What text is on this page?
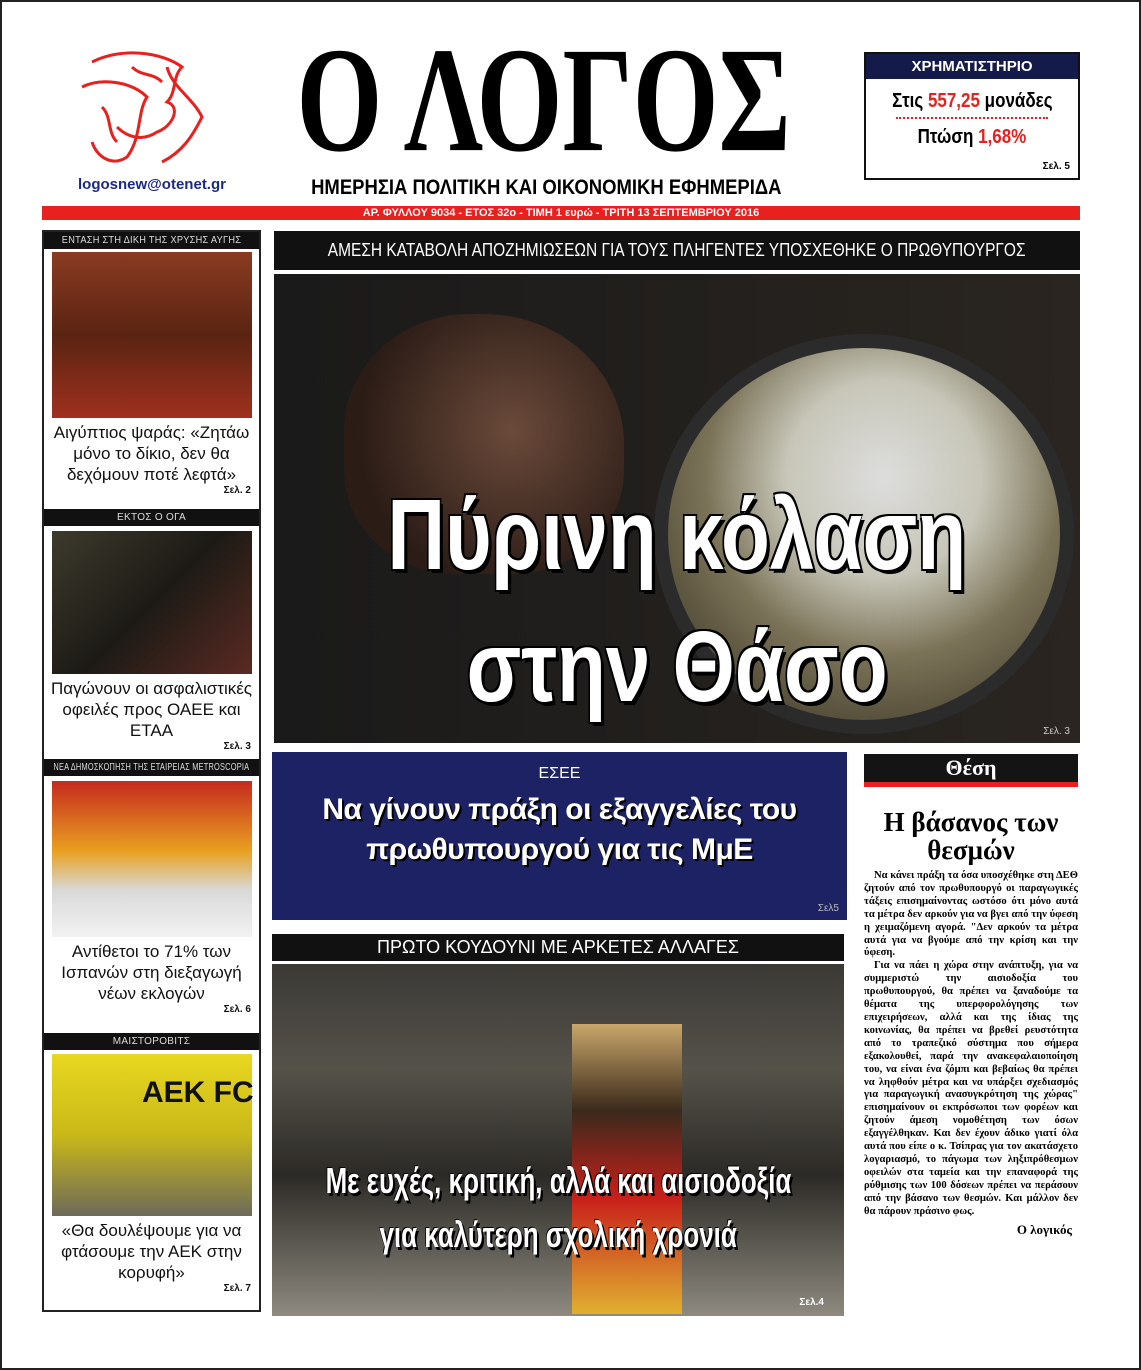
logosnew@otenet.gr
Ο ΛΟΓΟΣ
ΗΜΕΡΗΣΙΑ ΠΟΛΙΤΙΚΗ ΚΑΙ ΟΙΚΟΝΟΜΙΚΗ ΕΦΗΜΕΡΙΔΑ
ΧΡΗΜΑΤΙΣΤΗΡΙΟ
Στις 557,25 μονάδες
Πτώση 1,68%
Σελ. 5
ΑΡ. ΦΥΛΛΟΥ 9034 - ΕΤΟΣ 32ο - ΤΙΜΗ 1 ευρώ - ΤΡΙΤΗ 13 ΣΕΠΤΕΜΒΡΙΟΥ 2016
ΕΝΤΑΣΗ ΣΤΗ ΔΙΚΗ ΤΗΣ ΧΡΥΣΗΣ ΑΥΓΗΣ
Αιγύπτιος ψαράς: «Ζητάω μόνο το δίκιο, δεν θα δεχόμουν ποτέ λεφτά»
Σελ. 2
ΕΚΤΟΣ Ο ΟΓΑ
Παγώνουν οι ασφαλιστικές οφειλές προς ΟΑΕΕ και ΕΤΑΑ
Σελ. 3
ΝΕΑ ΔΗΜΟΣΚΟΠΗΣΗ ΤΗΣ ΕΤΑΙΡΕΙΑΣ METROSCOPIA
Αντίθετοι το 71% των Ισπανών στη διεξαγωγή νέων εκλογών
Σελ. 6
ΜΑΙΣΤΟΡΟΒΙΤΣ
ΑΕΚ FC
«Θα δουλέψουμε για να φτάσουμε την ΑΕΚ στην κορυφή»
Σελ. 7
ΑΜΕΣΗ ΚΑΤΑΒΟΛΗ ΑΠΟΖΗΜΙΩΣΕΩΝ ΓΙΑ ΤΟΥΣ ΠΛΗΓΕΝΤΕΣ ΥΠΟΣΧΕΘΗΚΕ Ο ΠΡΩΘΥΠΟΥΡΓΟΣ
Πύρινη κόλαση
στην Θάσο
Σελ. 3
ΕΣΕΕ
Να γίνουν πράξη οι εξαγγελίες του πρωθυπουργού για τις ΜμΕ
Σελ5
ΠΡΩΤΟ ΚΟΥΔΟΥΝΙ ΜΕ ΑΡΚΕΤΕΣ ΑΛΛΑΓΕΣ
Με ευχές, κριτική, αλλά και αισιοδοξία
για καλύτερη σχολική χρονιά
Σελ.4
Θέση
Η βάσανος των θεσμών

Να κάνει πράξη τα όσα υποσχέθηκε στη ΔΕΘ ζητούν από τον πρωθυπουργό οι παραγωγικές τάξεις επισημαίνοντας ωστόσο ότι μόνο αυτά τα μέτρα δεν αρκούν για να βγει από την ύφεση η χειμαζόμενη αγορά. "Δεν αρκούν τα μέτρα αυτά για να βγούμε από την κρίση και την ύφεση.

Για να πάει η χώρα στην ανάπτυξη, για να συμμεριστώ την αισιοδοξία του πρωθυπουργού, θα πρέπει να ξαναδούμε τα θέματα της υπερφορολόγησης των επιχειρήσεων, αλλά και της ίδιας της κοινωνίας, θα πρέπει να βρεθεί ρευστότητα από το τραπεζικό σύστημα που σήμερα εξακολουθεί, παρά την ανακεφαλαιοποίηση του, να είναι ένα ζόμπι και βεβαίως θα πρέπει να ληφθούν μέτρα και να υπάρξει σχεδιασμός για παραγωγική ανασυγκρότηση της χώρας" επισημαίνουν οι εκπρόσωποι των φορέων και ζητούν άμεση νομοθέτηση των όσων εξαγγέλθηκαν. Και δεν έχουν άδικο γιατί όλα αυτά που είπε ο κ. Τσίπρας για τον ακατάσχετο λογαριασμό, το πάγωμα των ληξιπρόθεσμων οφειλών στα ταμεία και την επαναφορά της ρύθμισης των 100 δόσεων πρέπει να περάσουν από την βάσανο των θεσμών. Και μάλλον δεν θα πάρουν πράσινο φως.

Ο λογικός
